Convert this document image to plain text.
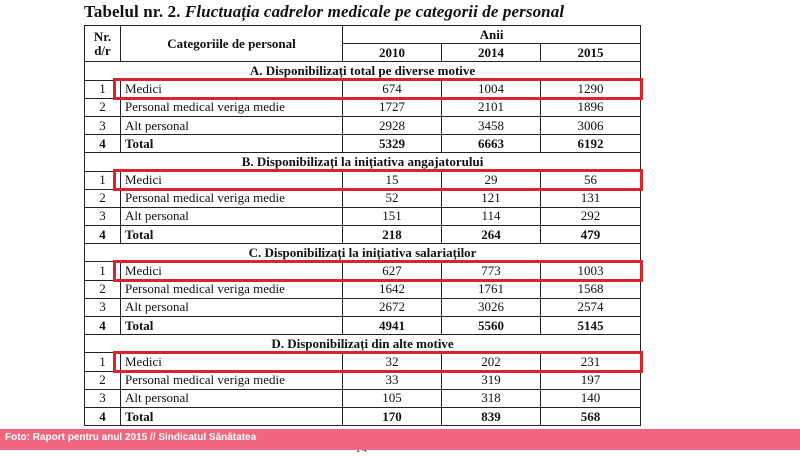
Tabelul nr. 2. Fluctuația cadrelor medicale pe categorii de personal
Nr.
d/r	Categoriile de personal	Anii		
		2010	2014	2015
A. Disponibilizați total pe diverse motive				
1	Medici	674	1004	1290
2	Personal medical veriga medie	1727	2101	1896
3	Alt personal	2928	3458	3006
4	Total	5329	6663	6192
B. Disponibilizați la inițiativa angajatorului				
1	Medici	15	29	56
2	Personal medical veriga medie	52	121	131
3	Alt personal	151	114	292
4	Total	218	264	479
C. Disponibilizați la inițiativa salariaților				
1	Medici	627	773	1003
2	Personal medical veriga medie	1642	1761	1568
3	Alt personal	2672	3026	2574
4	Total	4941	5560	5145
D. Disponibilizați din alte motive				
1	Medici	32	202	231
2	Personal medical veriga medie	33	319	197
3	Alt personal	105	318	140
4	Total	170	839	568
Foto: Raport pentru anul 2015 // Sindicatul Sănătatea
